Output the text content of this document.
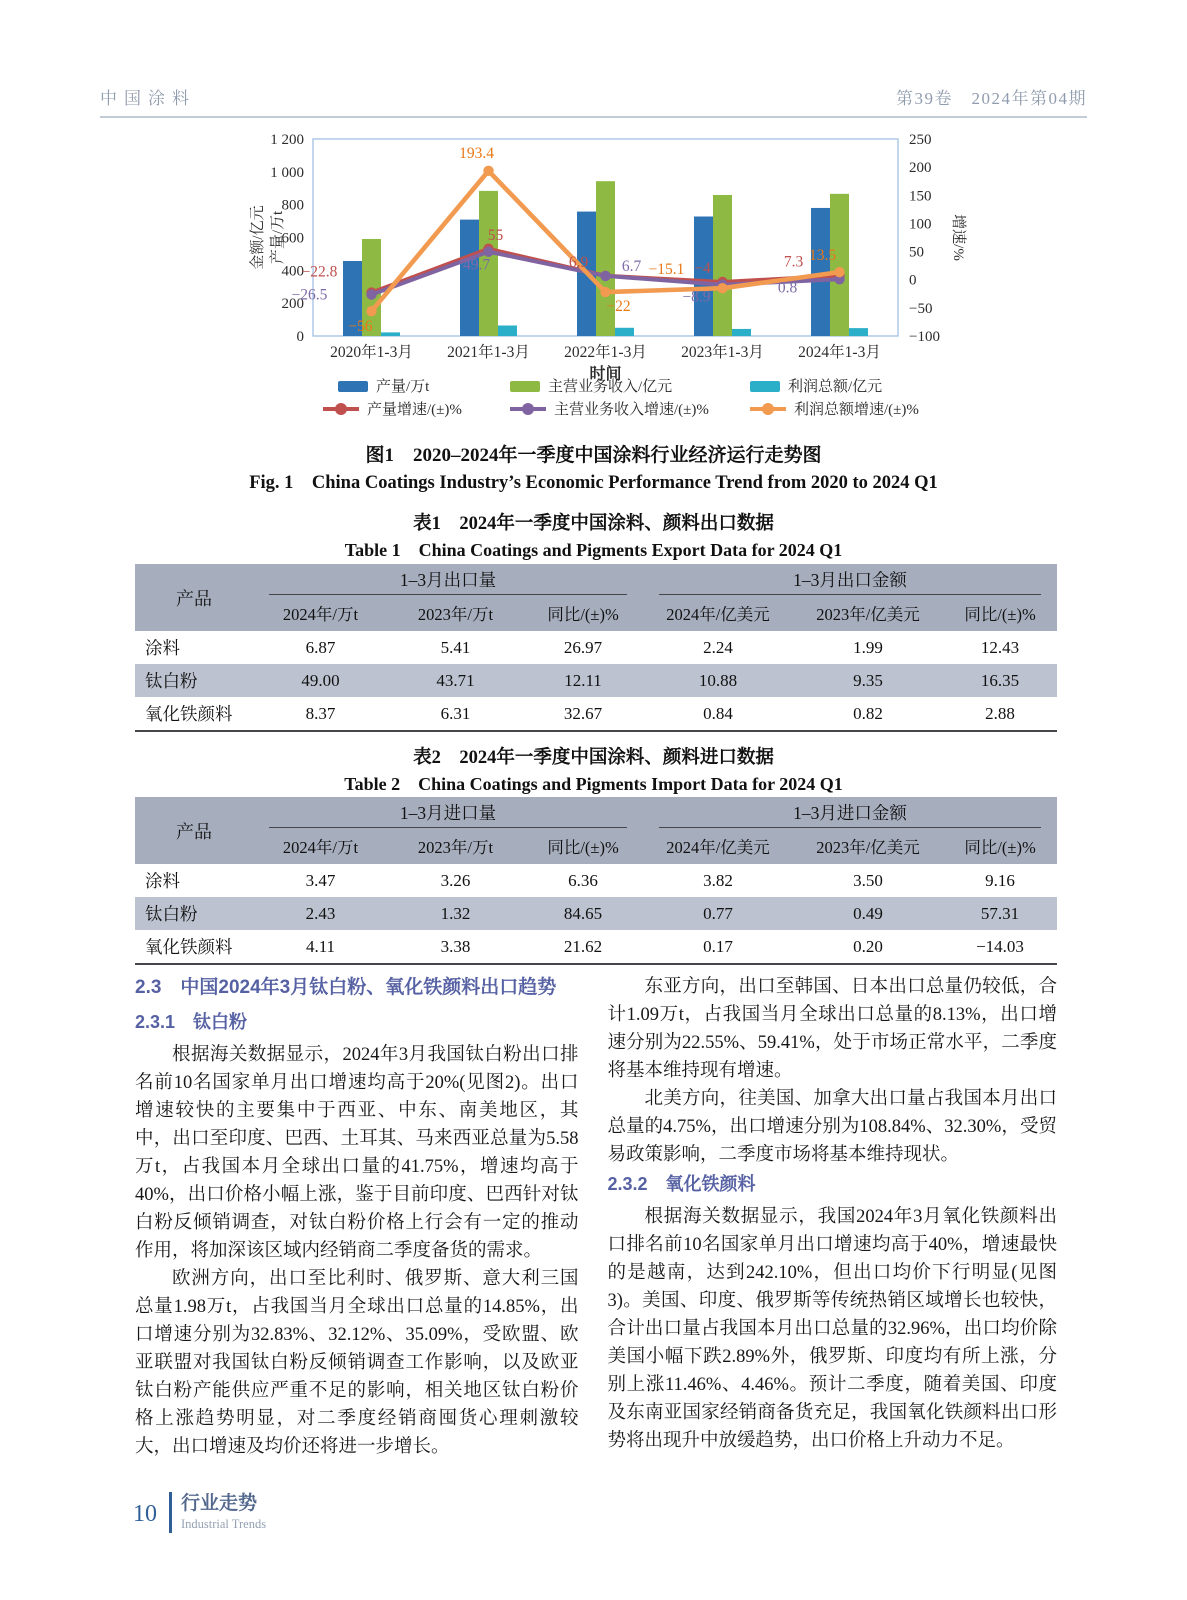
中国涂料	第39卷　2024年第04期
0
200
400
600
800
1 000
1 200
−100
−50
0
50
100
150
200
250
金额/亿元 产量/万t	增速/%
−22.8
55
6.9	−4	7.3
−26.5
49.7	6.7
−8.9
0.8
−56
193.4
−22
−15.1
13.5
2020年1-3月 2021年1-3月 2022年1-3月 2023年1-3月 2024年1-3月
时间
产量/万t	主营业务收入/亿元	利润总额/亿元
产量增速/(±)%	主营业务收入增速/(±)%	利润总额增速/(±)%
图1　2020–2024年一季度中国涂料行业经济运行走势图
Fig. 1　China Coatings Industry’s Economic Performance Trend from 2020 to 2024 Q1
表1　2024年一季度中国涂料、颜料出口数据
Table 1　China Coatings and Pigments Export Data for 2024 Q1
产品	1–3月出口量			1–3月出口金额		
	2024年/万t	2023年/万t	同比/(±)%	2024年/亿美元	2023年/亿美元	同比/(±)%
涂料	6.87	5.41	26.97	2.24	1.99	12.43
钛白粉	49.00	43.71	12.11	10.88	9.35	16.35
氧化铁颜料	8.37	6.31	32.67	0.84	0.82	2.88
表2　2024年一季度中国涂料、颜料进口数据
Table 2　China Coatings and Pigments Import Data for 2024 Q1
产品	1–3月进口量			1–3月进口金额		
	2024年/万t	2023年/万t	同比/(±)%	2024年/亿美元	2023年/亿美元	同比/(±)%
涂料	3.47	3.26	6.36	3.82	3.50	9.16
钛白粉	2.43	1.32	84.65	0.77	0.49	57.31
氧化铁颜料	4.11	3.38	21.62	0.17	0.20	−14.03
2.3　中国2024年3月钛白粉、氧化铁颜料出口趋势
2.3.1　钛白粉

根据海关数据显示，2024年3月我国钛白粉出口排名前10名国家单月出口增速均高于20%(见图2)。出口增速较快的主要集中于西亚、中东、南美地区，其中，出口至印度、巴西、土耳其、马来西亚总量为5.58万t，占我国本月全球出口量的41.75%，增速均高于40%，出口价格小幅上涨，鉴于目前印度、巴西针对钛白粉反倾销调查，对钛白粉价格上行会有一定的推动作用，将加深该区域内经销商二季度备货的需求。

欧洲方向，出口至比利时、俄罗斯、意大利三国总量1.98万t，占我国当月全球出口总量的14.85%，出口增速分别为32.83%、32.12%、35.09%，受欧盟、欧亚联盟对我国钛白粉反倾销调查工作影响，以及欧亚钛白粉产能供应严重不足的影响，相关地区钛白粉价格上涨趋势明显，对二季度经销商囤货心理刺激较大，出口增速及均价还将进一步增长。

东亚方向，出口至韩国、日本出口总量仍较低，合计1.09万t，占我国当月全球出口总量的8.13%，出口增速分别为22.55%、59.41%，处于市场正常水平，二季度将基本维持现有增速。

北美方向，往美国、加拿大出口量占我国本月出口总量的4.75%，出口增速分别为108.84%、32.30%，受贸易政策影响，二季度市场将基本维持现状。

2.3.2　氧化铁颜料

根据海关数据显示，我国2024年3月氧化铁颜料出口排名前10名国家单月出口增速均高于40%，增速最快的是越南，达到242.10%，但出口均价下行明显(见图3)。美国、印度、俄罗斯等传统热销区域增长也较快，合计出口量占我国本月出口总量的32.96%，出口均价除美国小幅下跌2.89%外，俄罗斯、印度均有所上涨，分别上涨11.46%、4.46%。预计二季度，随着美国、印度及东南亚国家经销商备货充足，我国氧化铁颜料出口形势将出现升中放缓趋势，出口价格上升动力不足。

10 行业走势
Industrial Trends
